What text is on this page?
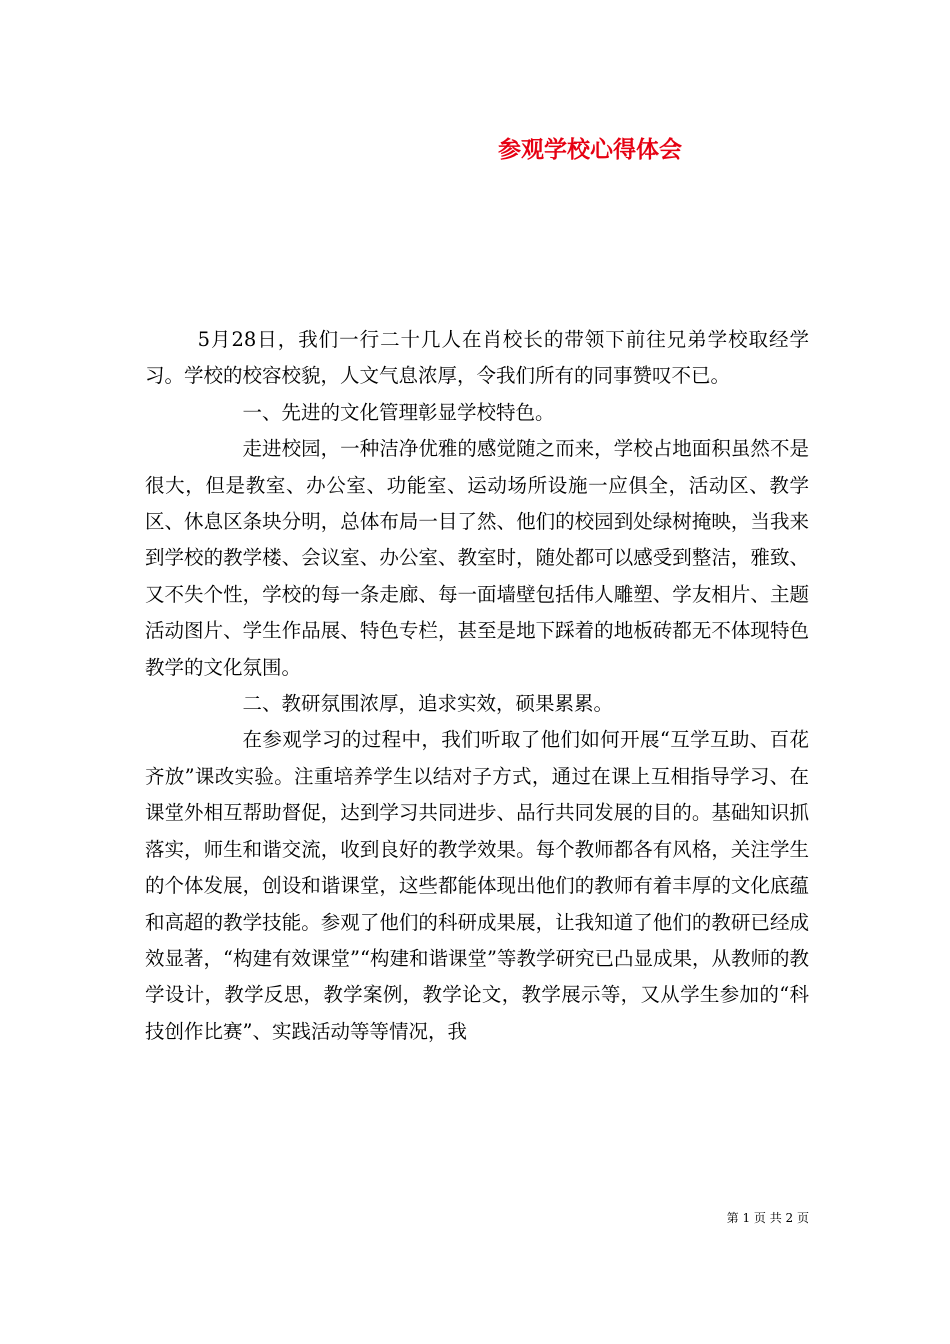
参观学校心得体会

5月28日，我们一行二十几人在肖校长的带领下前往兄弟学校取经学习。学校的校容校貌，人文气息浓厚，令我们所有的同事赞叹不已。

一、先进的文化管理彰显学校特色。

走进校园，一种洁净优雅的感觉随之而来，学校占地面积虽然不是很大，但是教室、办公室、功能室、运动场所设施一应俱全，活动区、教学区、休息区条块分明，总体布局一目了然、他们的校园到处绿树掩映，当我来到学校的教学楼、会议室、办公室、教室时，随处都可以感受到整洁，雅致、又不失个性，学校的每一条走廊、每一面墙壁包括伟人雕塑、学友相片、主题活动图片、学生作品展、特色专栏，甚至是地下踩着的地板砖都无不体现特色教学的文化氛围。

二、教研氛围浓厚，追求实效，硕果累累。

在参观学习的过程中，我们听取了他们如何开展“互学互助、百花齐放”课改实验。注重培养学生以结对子方式，通过在课上互相指导学习、在课堂外相互帮助督促，达到学习共同进步、品行共同发展的目的。基础知识抓落实，师生和谐交流，收到良好的教学效果。每个教师都各有风格，关注学生的个体发展，创设和谐课堂，这些都能体现出他们的教师有着丰厚的文化底蕴和高超的教学技能。参观了他们的科研成果展，让我知道了他们的教研已经成效显著，“构建有效课堂”“构建和谐课堂”等教学研究已凸显成果，从教师的教学设计，教学反思，教学案例，教学论文，教学展示等，又从学生参加的“科技创作比赛”、实践活动等等情况，我

第 1 页 共 2 页
